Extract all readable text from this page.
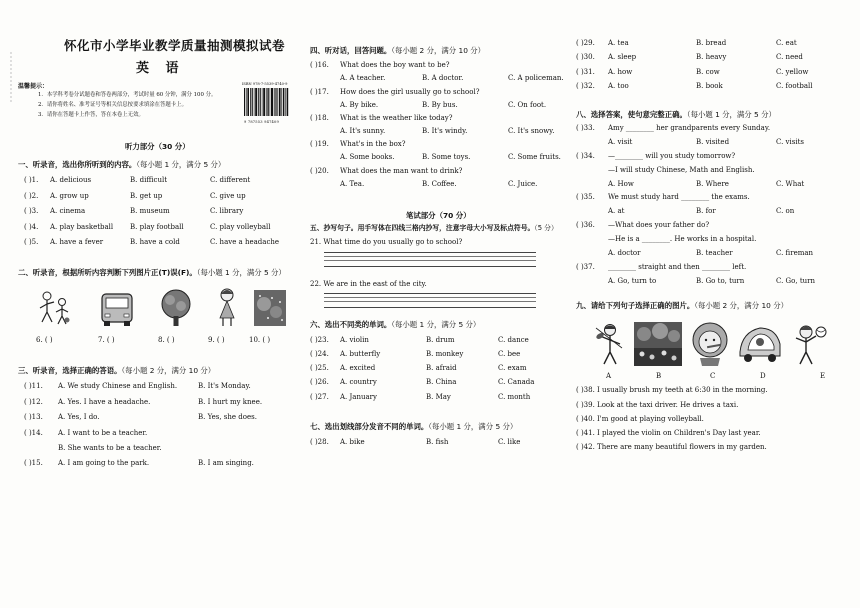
怀化市小学毕业教学质量抽测模拟试卷
英 语
温馨提示：
1．本学科考卷分试题卷和答卷两部分，考试时量 60 分钟，满分 100 分。
2．请你将姓名、准考证号等相关信息按要求填涂在答题卡上。
3．请你在答题卡上作答，答在本卷上无效。
ISBN 978-7-5539-4740-9
9 787553 947409
听力部分（30 分）
一、听录音，选出你所听到的内容。（每小题 1 分，满分 5 分）
( )1. A. delicious	B. difficult	C. different
( )2. A. grow up	B. get up	C. give up
( )3. A. cinema	B. museum	C. library
( )4. A. play basketball B. play football	C. play volleyball
( )5. A. have a fever	B. have a cold	C. have a headache
二、听录音，根据所听内容判断下列图片正(T)误(F)。（每小题 1 分，满分 5 分）
6. ( )	7. ( )	8. ( )	9. ( )	10. ( )
三、听录音，选择正确的答语。（每小题 2 分，满分 10 分）
( )11. A. We study Chinese and English.	B. It's Monday.
( )12. A. Yes. I have a headache.	B. I hurt my knee.
( )13. A. Yes, I do.	B. Yes, she does.
( )14. A. I want to be a teacher.
B. She wants to be a teacher.
( )15. A. I am going to the park.	B. I am singing.
四、听对话，回答问题。（每小题 2 分，满分 10 分）
( )16. What does the boy want to be?
A. A teacher.	B. A doctor.	C. A policeman.
( )17. How does the girl usually go to school?
A. By bike.	B. By bus.	C. On foot.
( )18. What is the weather like today?
A. It's sunny.	B. It's windy.	C. It's snowy.
( )19. What's in the box?
A. Some books.	B. Some toys.	C. Some fruits.
( )20. What does the man want to drink?
A. Tea.	B. Coffee.	C. Juice.
笔试部分（70 分）
五、抄写句子。用手写体在四线三格内抄写，注意字母大小写及标点符号。（5 分）
21. What time do you usually go to school?
22. We are in the east of the city.
六、选出不同类的单词。（每小题 1 分，满分 5 分）
( )23. A. violin	B. drum	C. dance
( )24. A. butterfly	B. monkey	C. bee
( )25. A. excited	B. afraid	C. exam
( )26. A. country	B. China	C. Canada
( )27. A. January	B. May	C. month
七、选出划线部分发音不同的单词。（每小题 1 分，满分 5 分）
( )28. A. bike	B. fish	C. like
( )29. A. tea	B. bread	C. eat
( )30. A. sleep	B. heavy	C. need
( )31. A. how	B. cow	C. yellow
( )32. A. too	B. book	C. football
八、选择答案，使句意完整正确。（每小题 1 分，满分 5 分）
( )33. Amy ________ her grandparents every Sunday.
A. visit	B. visited	C. visits
( )34. —________ will you study tomorrow?
—I will study Chinese, Math and English.
A. How	B. Where	C. What
( )35. We must study hard ________ the exams.
A. at	B. for	C. on
( )36. —What does your father do?
—He is a ________. He works in a hospital.
A. doctor	B. teacher	C. fireman
( )37. ________ straight and then ________ left.
A. Go, turn to	B. Go to, turn	C. Go, turn
九、请给下列句子选择正确的图片。（每小题 2 分，满分 10 分）
A	B	C	D	E
( )38. I usually brush my teeth at 6:30 in the morning.
( )39. Look at the taxi driver. He drives a taxi.
( )40. I'm good at playing volleyball.
( )41. I played the violin on Children's Day last year.
( )42. There are many beautiful flowers in my garden.
